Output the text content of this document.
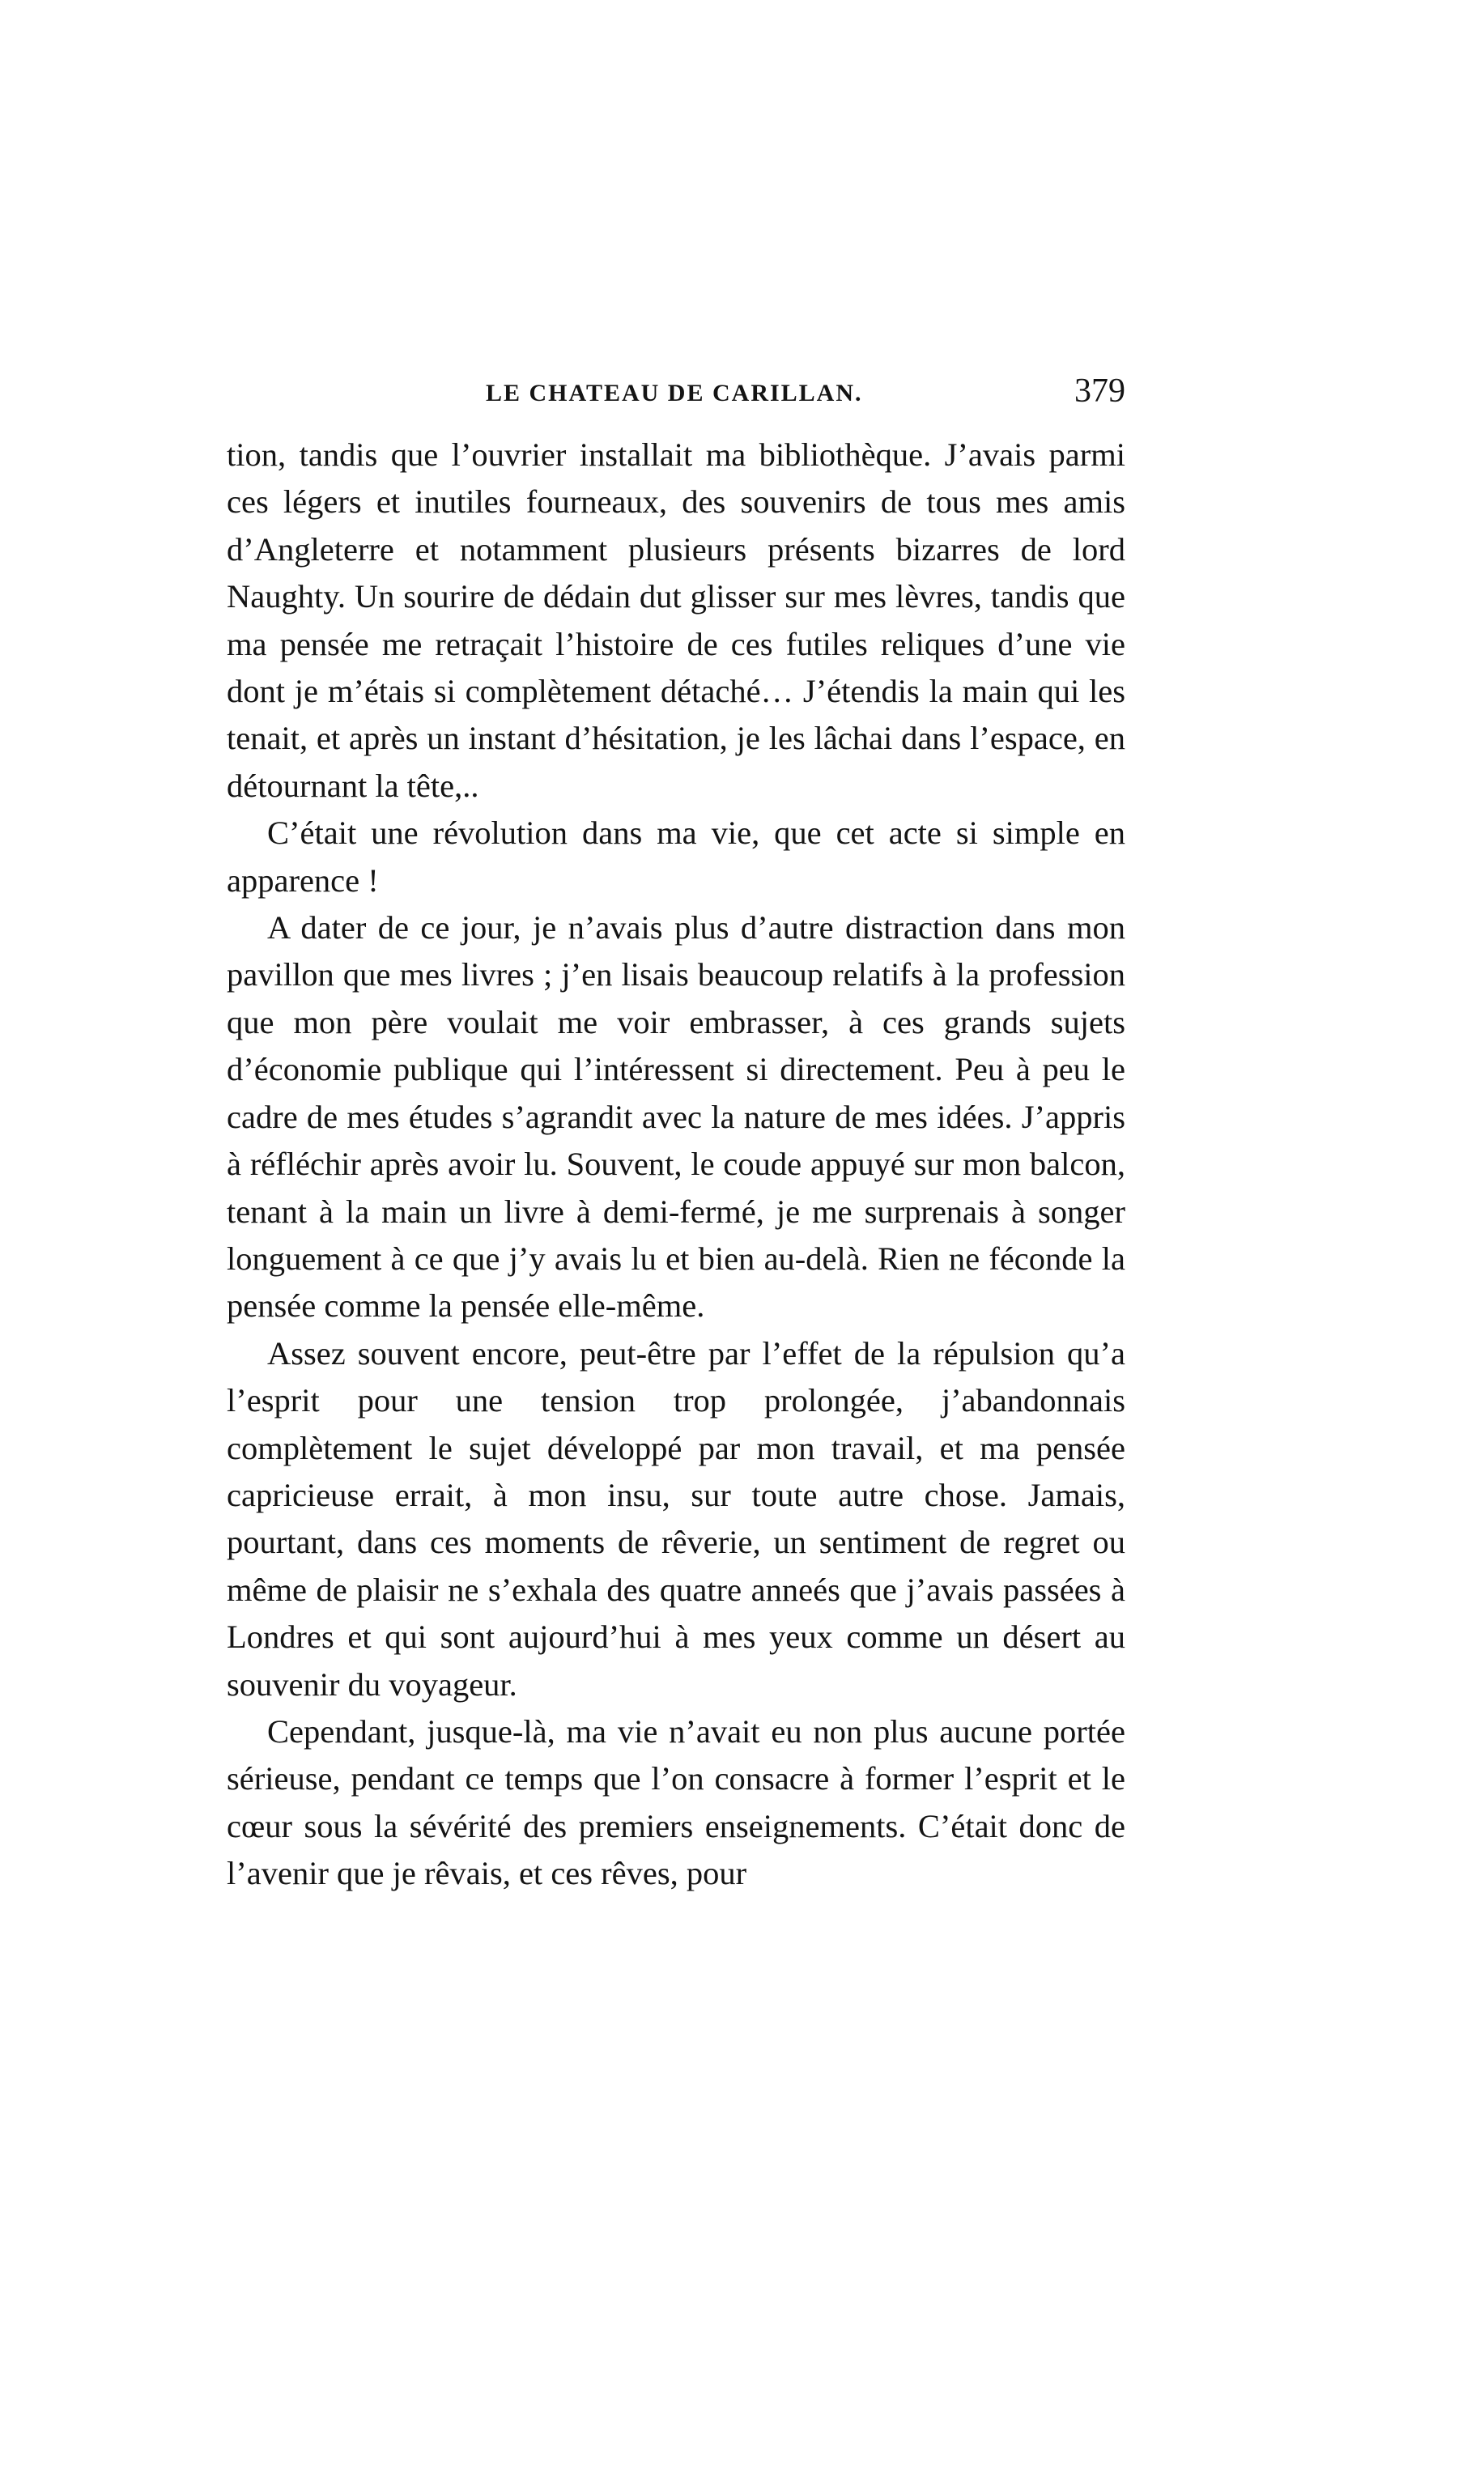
LE CHATEAU DE CARILLAN.	379

tion, tandis que l’ouvrier installait ma bibliothèque. J’avais parmi ces légers et inutiles fourneaux, des souvenirs de tous mes amis d’Angleterre et notamment plusieurs présents bizarres de lord Naughty. Un sourire de dédain dut glisser sur mes lèvres, tandis que ma pensée me retraçait l’histoire de ces futiles reliques d’une vie dont je m’étais si complètement détaché… J’étendis la main qui les tenait, et après un instant d’hésitation, je les lâchai dans l’espace, en détournant la tête,..

C’était une révolution dans ma vie, que cet acte si simple en apparence !

A dater de ce jour, je n’avais plus d’autre distraction dans mon pavillon que mes livres ; j’en lisais beaucoup relatifs à la profession que mon père voulait me voir embrasser, à ces grands sujets d’économie publique qui l’intéressent si directement. Peu à peu le cadre de mes études s’agrandit avec la nature de mes idées. J’appris à réfléchir après avoir lu. Souvent, le coude appuyé sur mon balcon, tenant à la main un livre à demi-fermé, je me surprenais à songer longuement à ce que j’y avais lu et bien au-delà. Rien ne féconde la pensée comme la pensée elle-même.

Assez souvent encore, peut-être par l’effet de la répulsion qu’a l’esprit pour une tension trop prolongée, j’abandonnais complètement le sujet développé par mon travail, et ma pensée capricieuse errait, à mon insu, sur toute autre chose. Jamais, pourtant, dans ces moments de rêverie, un sentiment de regret ou même de plaisir ne s’exhala des quatre anneés que j’avais passées à Londres et qui sont aujourd’hui à mes yeux comme un désert au souvenir du voyageur.

Cependant, jusque-là, ma vie n’avait eu non plus aucune portée sérieuse, pendant ce temps que l’on consacre à former l’esprit et le cœur sous la sévérité des premiers enseignements. C’était donc de l’avenir que je rêvais, et ces rêves, pour
